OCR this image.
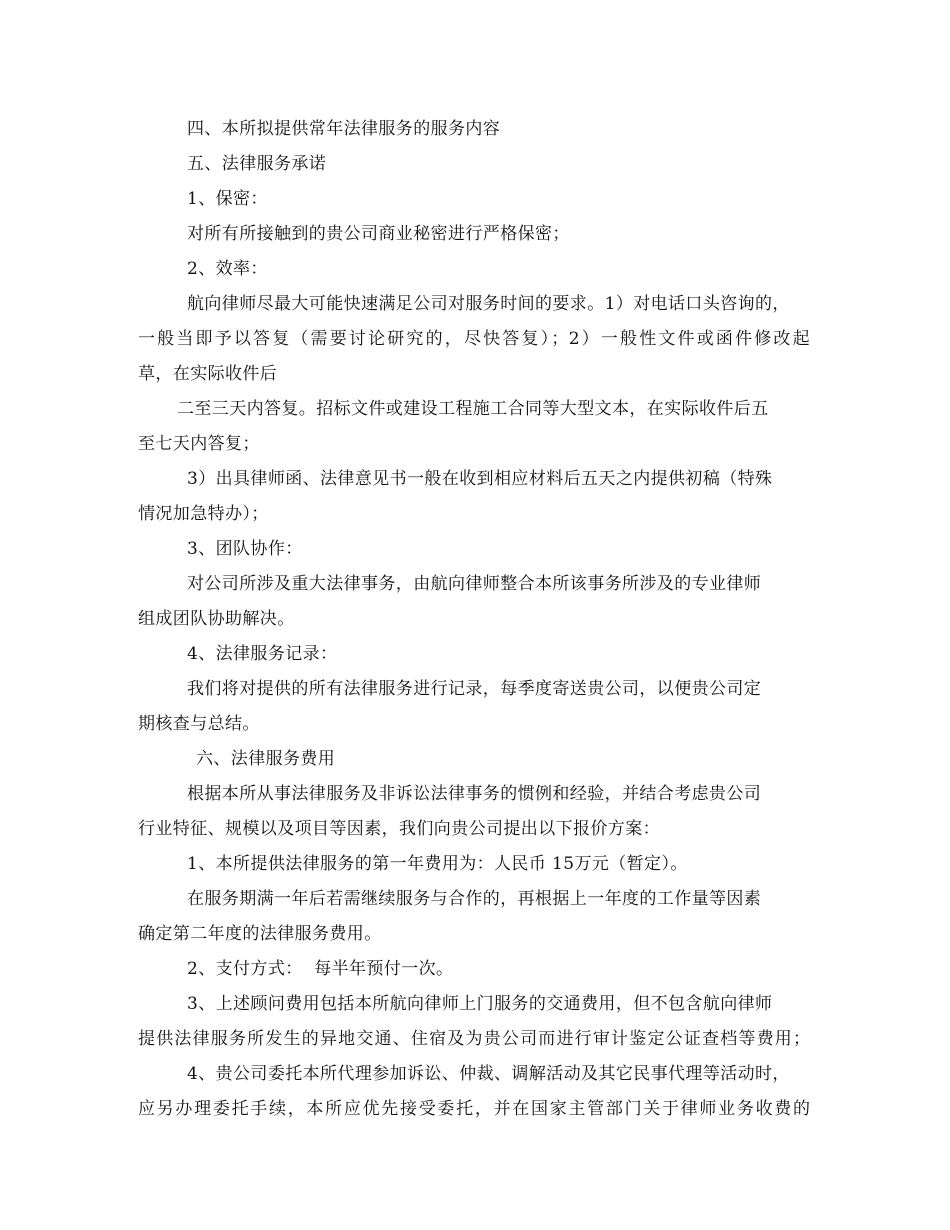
四、本所拟提供常年法律服务的服务内容
五、法律服务承诺
1、保密：
对所有所接触到的贵公司商业秘密进行严格保密；
2、效率：
航向律师尽最大可能快速满足公司对服务时间的要求。1）对电话口头咨询的，
一般当即予以答复（需要讨论研究的，尽快答复）；2）一般性文件或函件修改起
草，在实际收件后
二至三天内答复。招标文件或建设工程施工合同等大型文本，在实际收件后五
至七天内答复；
3）出具律师函、法律意见书一般在收到相应材料后五天之内提供初稿（特殊
情况加急特办）；
3、团队协作：
对公司所涉及重大法律事务，由航向律师整合本所该事务所涉及的专业律师
组成团队协助解决。
4、法律服务记录：
我们将对提供的所有法律服务进行记录，每季度寄送贵公司，以便贵公司定
期核查与总结。
六、法律服务费用
根据本所从事法律服务及非诉讼法律事务的惯例和经验，并结合考虑贵公司
行业特征、规模以及项目等因素，我们向贵公司提出以下报价方案：
1、本所提供法律服务的第一年费用为：人民币 15万元（暂定）。
在服务期满一年后若需继续服务与合作的，再根据上一年度的工作量等因素
确定第二年度的法律服务费用。
2、支付方式：  每半年预付一次。
3、上述顾问费用包括本所航向律师上门服务的交通费用，但不包含航向律师
提供法律服务所发生的异地交通、住宿及为贵公司而进行审计鉴定公证查档等费用；
4、贵公司委托本所代理参加诉讼、仲裁、调解活动及其它民事代理等活动时，
应另办理委托手续，本所应优先接受委托，并在国家主管部门关于律师业务收费的
